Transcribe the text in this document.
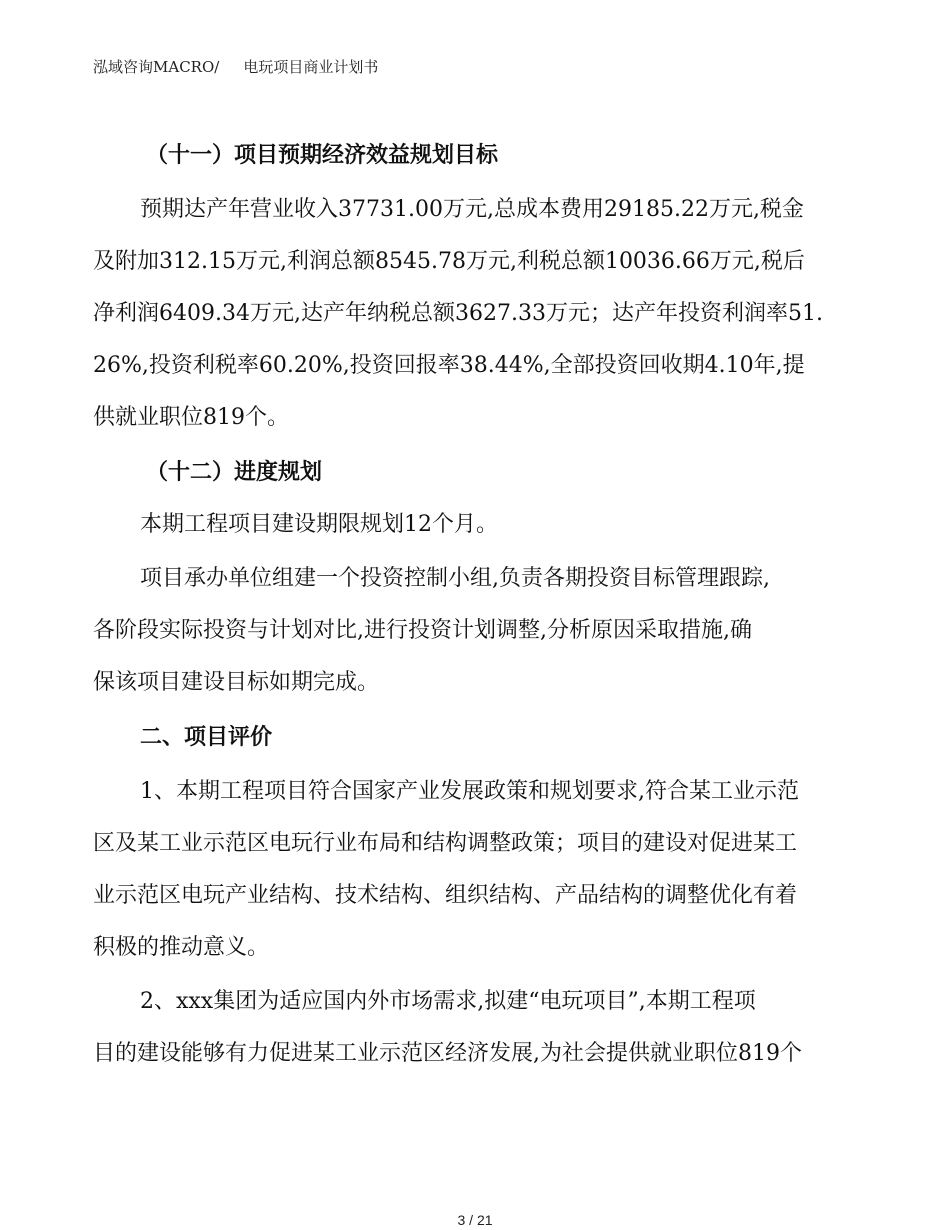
泓域咨询MACRO/ 电玩项目商业计划书
（十一）项目预期经济效益规划目标
预期达产年营业收入37731.00万元,总成本费用29185.22万元,税金
及附加312.15万元,利润总额8545.78万元,利税总额10036.66万元,税后
净利润6409.34万元,达产年纳税总额3627.33万元；达产年投资利润率51.
26%,投资利税率60.20%,投资回报率38.44%,全部投资回收期4.10年,提
供就业职位819个。
（十二）进度规划
本期工程项目建设期限规划12个月。
项目承办单位组建一个投资控制小组,负责各期投资目标管理跟踪,
各阶段实际投资与计划对比,进行投资计划调整,分析原因采取措施,确
保该项目建设目标如期完成。
二、项目评价
1、本期工程项目符合国家产业发展政策和规划要求,符合某工业示范
区及某工业示范区电玩行业布局和结构调整政策；项目的建设对促进某工
业示范区电玩产业结构、技术结构、组织结构、产品结构的调整优化有着
积极的推动意义。
2、xxx集团为适应国内外市场需求,拟建“电玩项目”,本期工程项
目的建设能够有力促进某工业示范区经济发展,为社会提供就业职位819个
3 / 21
